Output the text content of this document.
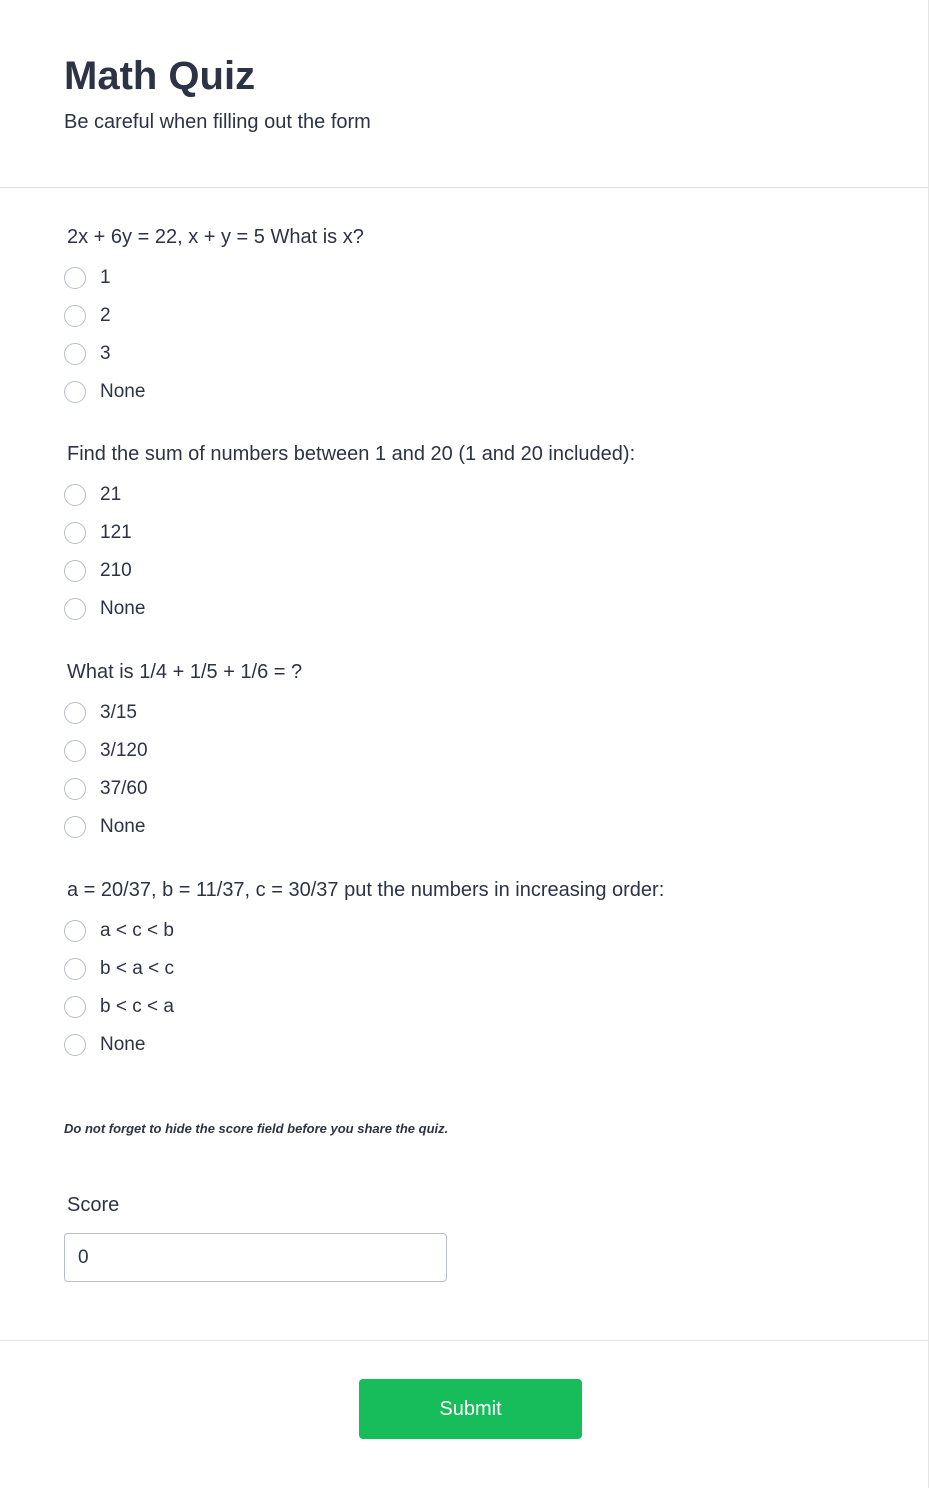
Math Quiz

Be careful when filling out the form

2x + 6y = 22, x + y = 5 What is x?
1
2
3
None
Find the sum of numbers between 1 and 20 (1 and 20 included):
21
121
210
None
What is 1/4 + 1/5 + 1/6 = ?
3/15
3/120
37/60
None
a = 20/37, b = 11/37, c = 30/37 put the numbers in increasing order:
a < c < b
b < a < c
b < c < a
None
Do not forget to hide the score field before you share the quiz.
Score
0
Submit
